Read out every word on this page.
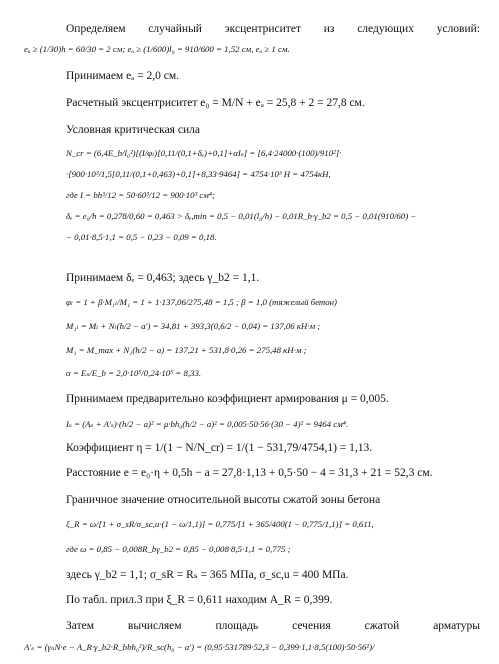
Определяем случайный эксцентриситет из следующих условий:
eₐ ≥ (1/30)h = 60/30 = 2 см; eₐ ≥ (1/600)l₀ = 910/600 = 1,52 см, eₐ ≥ 1 см.
Принимаем eₐ = 2,0 см.
Расчетный эксцентриситет e₀ = M/N + eₐ = 25,8 + 2 = 27,8 см.
Условная критическая сила
N_cr = (6,4E_b/l₀²)[(I/φₗ)[0,11/(0,1+δₑ)+0,1]+αIₛ] = [6,4·24000·(100)/910²]·
·[900·10³/1,5[0,11/(0,1+0,463)+0,1]+8,33·9464] = 4754·10³ Н = 4754кН,
где I = bh³/12 = 50·60³/12 = 900·10³ см⁴;
δₑ = e₀/h = 0,278/0,60 = 0,463 > δₑ,min = 0,5 − 0,01(l₀/h) − 0,01R_b·γ_b2 = 0,5 − 0,01(910/60) −
− 0,01·8,5·1,1 = 0,5 − 0,23 − 0,09 = 0,18.
Принимаем δₑ = 0,463; здесь γ_b2 = 1,1.
φₗ = 1 + β·M₁ₗ/M₁ = 1 + 1·137,06/275,48 = 1,5 ; β = 1,0 (тяжелый бетон)
M₁ₗ = Mₗ + Nₗ(h/2 − a′) = 34,81 + 393,3(0,6/2 − 0,04) = 137,06 кН·м ;
M₁ = M_max + N₁(h/2 − a) = 137,21 + 531,8·0,26 = 275,48 кН·м ;
α = Eₛ/E_b = 2,0·10⁵/0,24·10⁵ = 8,33.
Принимаем предварительно коэффициент армирования μ = 0,005.
Iₛ = (Aₛ + A′ₛ)·(h/2 − a)² = μ·bh₀(h/2 − a)² = 0,005·50·56·(30 − 4)² = 9464 см⁴.
Коэффициент η = 1/(1 − N/N_cr) = 1/(1 − 531,79/4754,1) = 1,13.
Расстояние e = e₀·η + 0,5h − a = 27,8·1,13 + 0,5·50 − 4 = 31,3 + 21 = 52,3 см.
Граничное значение относительной высоты сжатой зоны бетона
ξ_R = ω/[1 + σ_sR/σ_sc,u·(1 − ω/1,1)] = 0,775/[1 + 365/400(1 − 0,775/1,1)] = 0,611,
где ω = 0,85 − 0,008R_bγ_b2 = 0,85 − 0,008·8,5·1,1 = 0,775 ;
здесь γ_b2 = 1,1; σ_sR = Rₛ = 365 МПа, σ_sc,u = 400 МПа.
По табл. прил.3 при ξ_R = 0,611 находим A_R = 0,399.
Затем вычисляем площадь сечения сжатой арматуры
A′ₛ = (γₙN·e − A_R·γ_b2·R_bbh₀²)/R_sc(h₀ − a′) = (0,95·531789·52,3 − 0,399·1,1·8,5(100)·50·56²)/
